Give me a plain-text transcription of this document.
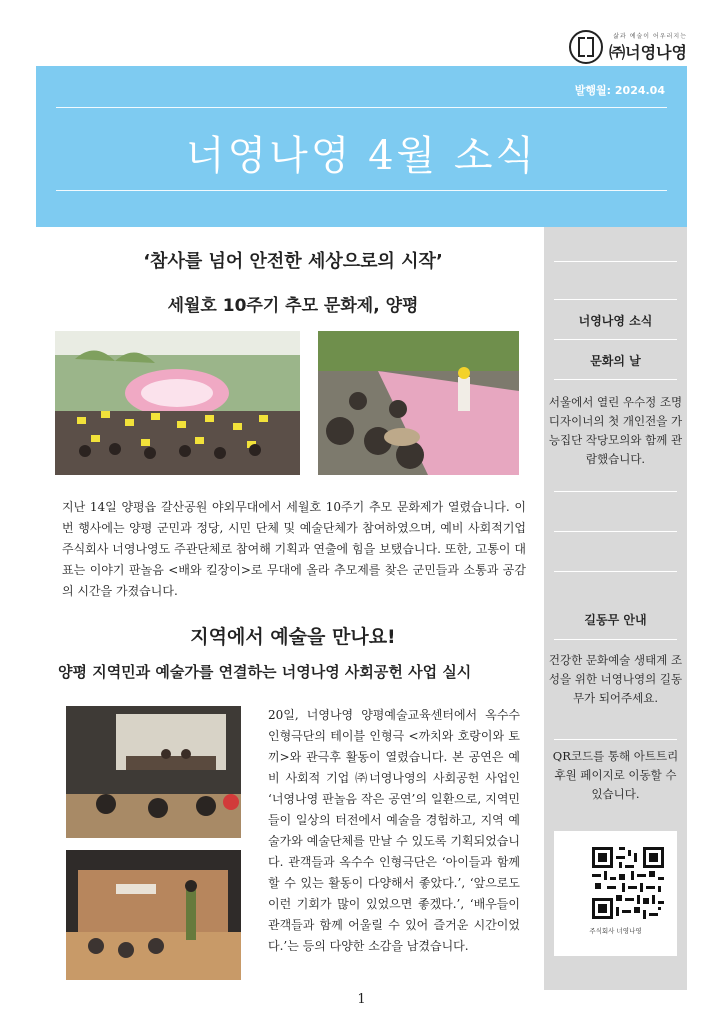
삶과 예술이 어우러지는
㈜너영나영
발행월: 2024.04
너영나영 4월 소식
‘참사를 넘어 안전한 세상으로의 시작’
세월호 10주기 추모 문화제, 양평
지난 14일 양평읍 갈산공원 야외무대에서 세월호 10주기 추모 문화제가 열렸습니다. 이번 행사에는 양평 군민과 정당, 시민 단체 및 예술단체가 참여하였으며, 예비 사회적기업 주식회사 너영나영도 주관단체로 참여해 기획과 연출에 힘을 보탰습니다. 또한, 고통이 대표는 이야기 판놀음 <배와 킬장이>로 무대에 올라 추모제를 찾은 군민들과 소통과 공감의 시간을 가졌습니다.
지역에서 예술을 만나요!
양평 지역민과 예술가를 연결하는 너영나영 사회공헌 사업 실시
20일, 너영나영 양평예술교육센터에서 옥수수 인형극단의 테이블 인형극 <까치와 호랑이와 토끼>와 관극후 활동이 열렸습니다. 본 공연은 예비 사회적 기업 ㈜너영나영의 사회공헌 사업인 ‘너영나영 판놀음 작은 공연’의 일환으로, 지역민들이 일상의 터전에서 예술을 경험하고, 지역 예술가와 예술단체를 만날 수 있도록 기획되었습니다. 관객들과 옥수수 인형극단은 ‘아이들과 함께할 수 있는 활동이 다양해서 좋았다.’, ‘앞으로도 이런 기회가 많이 있었으면 좋겠다.’, ‘배우들이 관객들과 함께 어울릴 수 있어 즐거운 시간이었다.’는 등의 다양한 소감을 남겼습니다.
너영나영 소식
문화의 날
서울에서 열린 우수정 조명 디자이너의 첫 개인전을 가능집단 작당모의와 함께 관람했습니다.
길동무 안내
건강한 문화예술 생태계 조성을 위한 너영나영의 길동무가 되어주세요.
QR코드를 통해 아트트리 후원 페이지로 이동할 수 있습니다.
주식회사 너영나영
1
